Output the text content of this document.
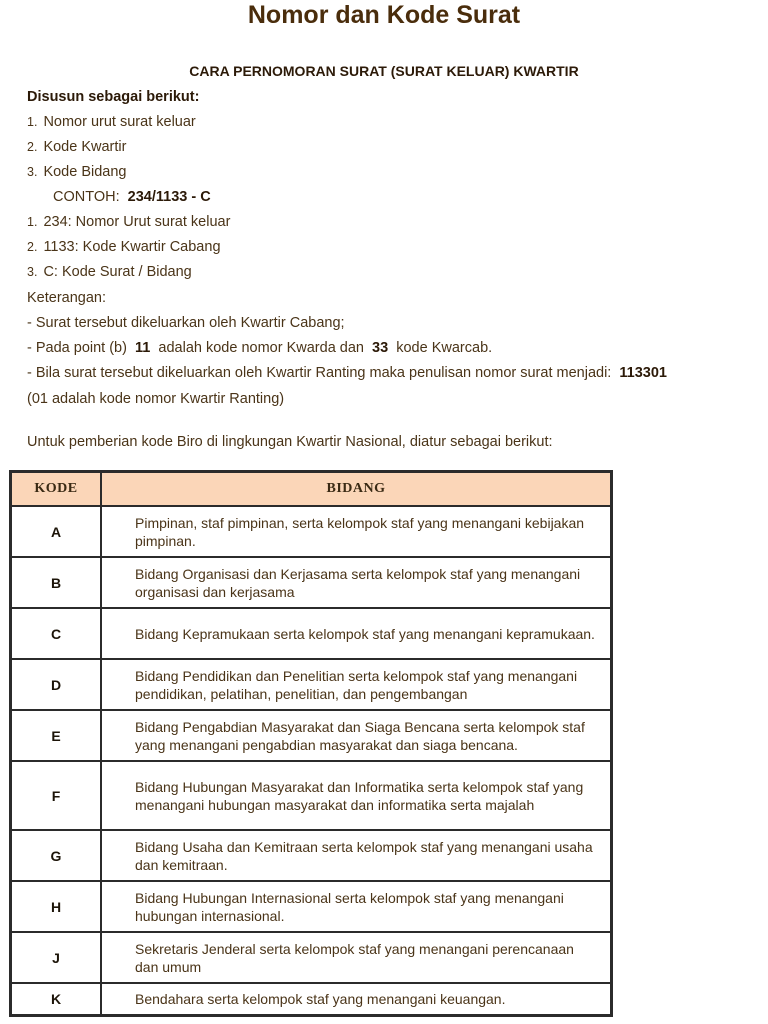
Nomor dan Kode Surat
CARA PERNOMORAN SURAT (SURAT KELUAR) KWARTIR
Disusun sebagai berikut:
1. Nomor urut surat keluar
2. Kode Kwartir
3. Kode Bidang
CONTOH: 234/1133 - C
1. 234: Nomor Urut surat keluar
2. 1133: Kode Kwartir Cabang
3. C: Kode Surat / Bidang
Keterangan:
- Surat tersebut dikeluarkan oleh Kwartir Cabang;
- Pada point (b)  11  adalah kode nomor Kwarda dan  33  kode Kwarcab.
- Bila surat tersebut dikeluarkan oleh Kwartir Ranting maka penulisan nomor surat menjadi:  113301
(01 adalah kode nomor Kwartir Ranting)
Untuk pemberian kode Biro di lingkungan Kwartir Nasional, diatur sebagai berikut:
KODE	BIDANG
A	Pimpinan, staf pimpinan, serta kelompok staf yang menangani kebijakan pimpinan.
B	Bidang Organisasi dan Kerjasama serta kelompok staf yang menangani organisasi dan kerjasama
C	Bidang Kepramukaan serta kelompok staf yang menangani kepramukaan.
D	Bidang Pendidikan dan Penelitian serta kelompok staf yang menangani pendidikan, pelatihan, penelitian, dan pengembangan
E	Bidang Pengabdian Masyarakat dan Siaga Bencana serta kelompok staf yang menangani pengabdian masyarakat dan siaga bencana.
F	Bidang Hubungan Masyarakat dan Informatika serta kelompok staf yang menangani hubungan masyarakat dan informatika serta majalah
G	Bidang Usaha dan Kemitraan serta kelompok staf yang menangani usaha dan kemitraan.
H	Bidang Hubungan Internasional serta kelompok staf yang menangani hubungan internasional.
J	Sekretaris Jenderal serta kelompok staf yang menangani perencanaan dan umum
K	Bendahara serta kelompok staf yang menangani keuangan.
